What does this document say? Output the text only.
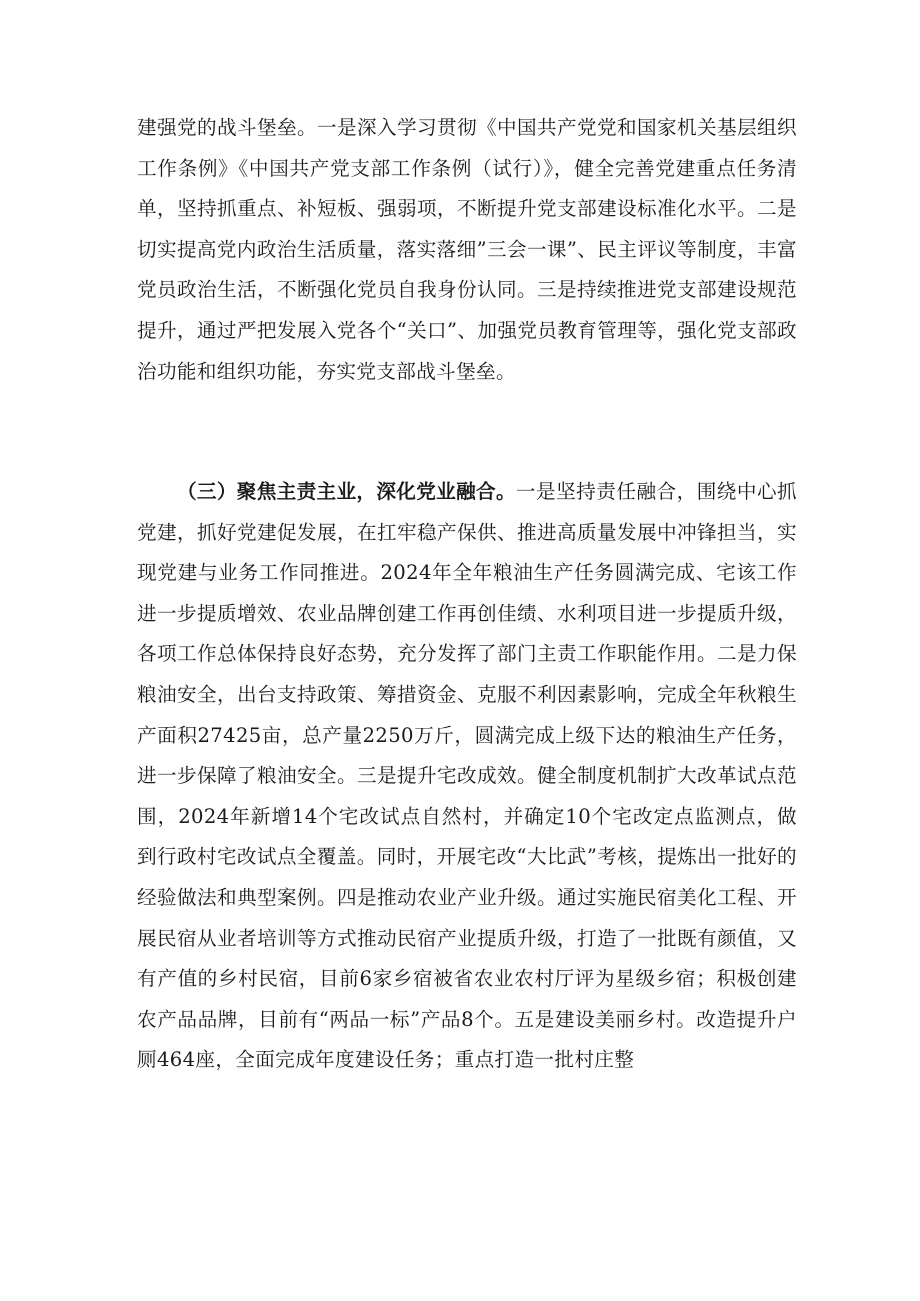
建强党的战斗堡垒。一是深入学习贯彻《中国共产党党和国家机关基层组织工作条例》《中国共产党支部工作条例（试行）》，健全完善党建重点任务清单，坚持抓重点、补短板、强弱项，不断提升党支部建设标准化水平。二是切实提高党内政治生活质量，落实落细”三会一课”、民主评议等制度，丰富党员政治生活，不断强化党员自我身份认同。三是持续推进党支部建设规范提升，通过严把发展入党各个“关口”、加强党员教育管理等，强化党支部政治功能和组织功能，夯实党支部战斗堡垒。

（三）聚焦主责主业，深化党业融合。一是坚持责任融合，围绕中心抓党建，抓好党建促发展，在扛牢稳产保供、推进高质量发展中冲锋担当，实现党建与业务工作同推进。2024年全年粮油生产任务圆满完成、宅该工作进一步提质增效、农业品牌创建工作再创佳绩、水利项目进一步提质升级，各项工作总体保持良好态势，充分发挥了部门主责工作职能作用。二是力保粮油安全，出台支持政策、筹措资金、克服不利因素影响，完成全年秋粮生产面积27425亩，总产量2250万斤，圆满完成上级下达的粮油生产任务，进一步保障了粮油安全。三是提升宅改成效。健全制度机制扩大改革试点范围，2024年新增14个宅改试点自然村，并确定10个宅改定点监测点，做到行政村宅改试点全覆盖。同时，开展宅改“大比武”考核，提炼出一批好的经验做法和典型案例。四是推动农业产业升级。通过实施民宿美化工程、开展民宿从业者培训等方式推动民宿产业提质升级，打造了一批既有颜值，又有产值的乡村民宿，目前6家乡宿被省农业农村厅评为星级乡宿；积极创建农产品品牌，目前有“两品一标”产品8个。五是建设美丽乡村。改造提升户厕464座，全面完成年度建设任务；重点打造一批村庄整
